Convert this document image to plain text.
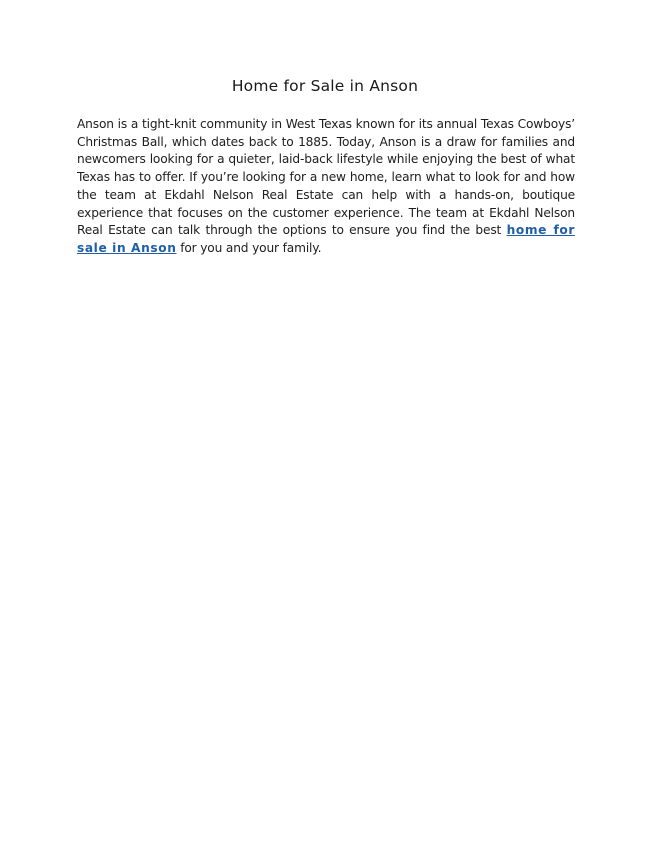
Home for Sale in Anson

Anson is a tight-knit community in West Texas known for its annual Texas Cowboys’ Christmas Ball, which dates back to 1885. Today, Anson is a draw for families and newcomers looking for a quieter, laid-back lifestyle while enjoying the best of what Texas has to offer. If you’re looking for a new home, learn what to look for and how the team at Ekdahl Nelson Real Estate can help with a hands-on, boutique experience that focuses on the customer experience. The team at Ekdahl Nelson Real Estate can talk through the options to ensure you find the best home for sale in Anson for you and your family.
